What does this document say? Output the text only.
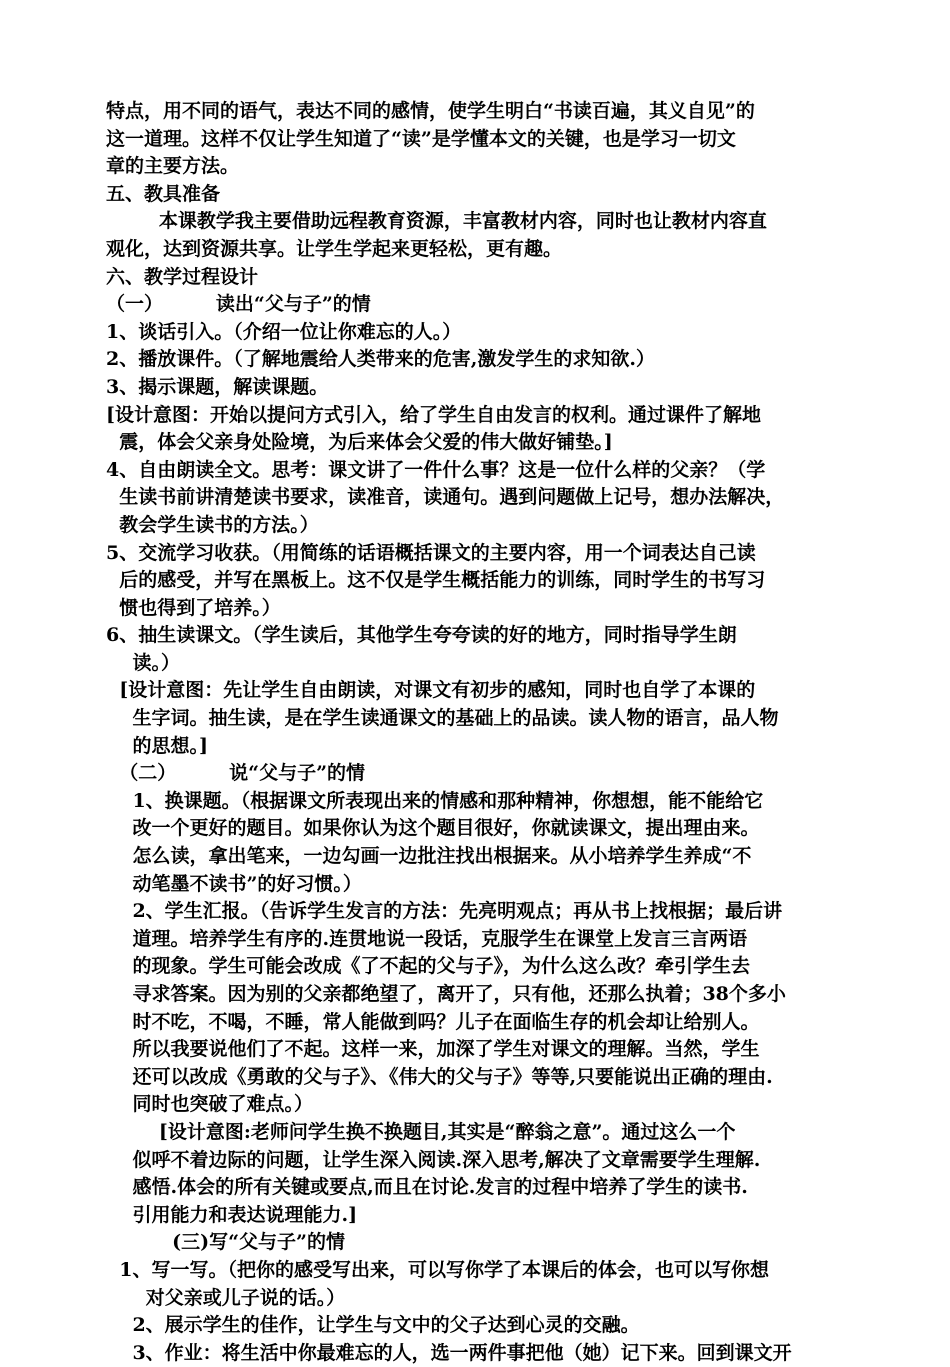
特点，用不同的语气，表达不同的感情，使学生明白“书读百遍，其义自见”的
这一道理。这样不仅让学生知道了“读”是学懂本文的关键，也是学习一切文
章的主要方法。
五、教具准备
本课教学我主要借助远程教育资源，丰富教材内容，同时也让教材内容直
观化，达到资源共享。让学生学起来更轻松，更有趣。
六、教学过程设计
（一）        读出“父与子”的情
1、谈话引入。（介绍一位让你难忘的人。）
2、播放课件。（了解地震给人类带来的危害,激发学生的求知欲.）
3、揭示课题，解读课题。
[设计意图：开始以提问方式引入，给了学生自由发言的权利。通过课件了解地
震，体会父亲身处险境，为后来体会父爱的伟大做好铺垫。]
4、自由朗读全文。思考：课文讲了一件什么事？这是一位什么样的父亲？（学
生读书前讲清楚读书要求，读准音，读通句。遇到问题做上记号，想办法解决，
教会学生读书的方法。）
5、交流学习收获。（用简练的话语概括课文的主要内容，用一个词表达自己读
后的感受，并写在黑板上。这不仅是学生概括能力的训练，同时学生的书写习
惯也得到了培养。）
6、抽生读课文。（学生读后，其他学生夸夸读的好的地方，同时指导学生朗
读。）
[设计意图：先让学生自由朗读，对课文有初步的感知，同时也自学了本课的
生字词。抽生读，是在学生读通课文的基础上的品读。读人物的语言，品人物
的思想。]
（二）        说“父与子”的情
1、换课题。（根据课文所表现出来的情感和那种精神，你想想，能不能给它
改一个更好的题目。如果你认为这个题目很好，你就读课文，提出理由来。
怎么读，拿出笔来，一边勾画一边批注找出根据来。从小培养学生养成“不
动笔墨不读书”的好习惯。）
2、学生汇报。（告诉学生发言的方法：先亮明观点；再从书上找根据；最后讲
道理。培养学生有序的.连贯地说一段话，克服学生在课堂上发言三言两语
的现象。学生可能会改成《了不起的父与子》，为什么这么改？牵引学生去
寻求答案。因为别的父亲都绝望了，离开了，只有他，还那么执着；38个多小
时不吃，不喝，不睡，常人能做到吗？儿子在面临生存的机会却让给别人。
所以我要说他们了不起。这样一来，加深了学生对课文的理解。当然，学生
还可以改成《勇敢的父与子》、《伟大的父与子》等等,只要能说出正确的理由.
同时也突破了难点。）
[设计意图:老师问学生换不换题目,其实是“醉翁之意”。通过这么一个
似呼不着边际的问题，让学生深入阅读.深入思考,解决了文章需要学生理解.
感悟.体会的所有关键或要点,而且在讨论.发言的过程中培养了学生的读书.
引用能力和表达说理能力.]
(三)写“父与子”的情
1、写一写。（把你的感受写出来，可以写你学了本课后的体会，也可以写你想
对父亲或儿子说的话。）
2、展示学生的佳作，让学生与文中的父子达到心灵的交融。
3、作业：将生活中你最难忘的人，选一两件事把他（她）记下来。回到课文开
